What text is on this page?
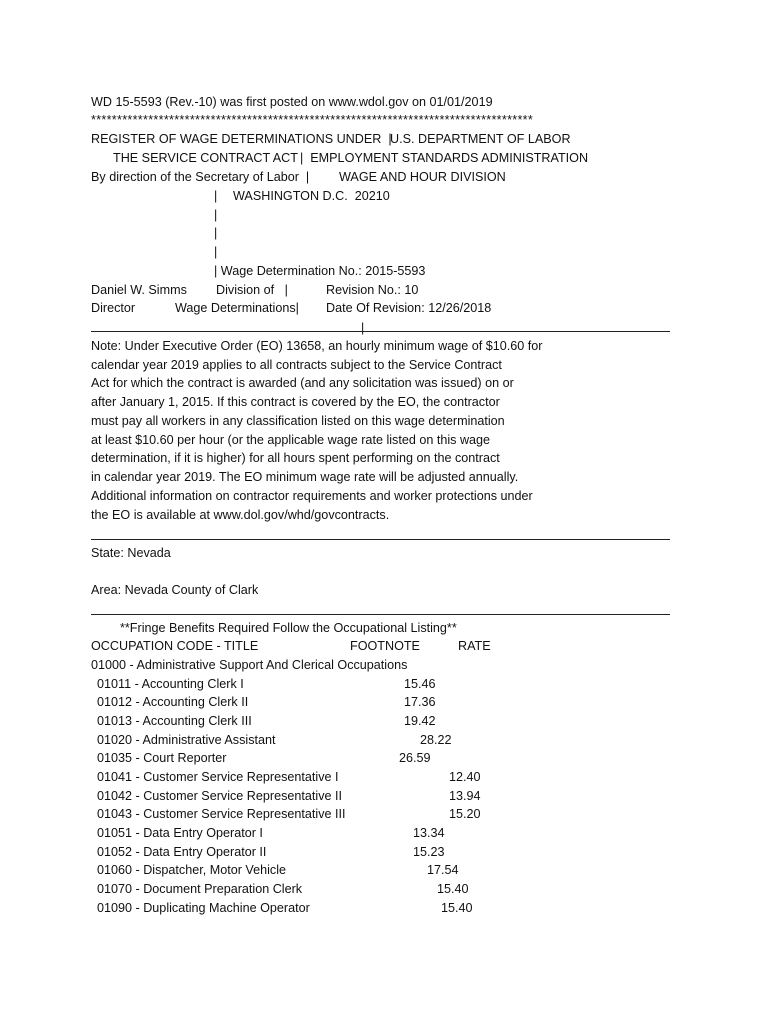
WD 15-5593 (Rev.-10) was first posted on www.wdol.gov on 01/01/2019
*************************************************************************************
REGISTER OF WAGE DETERMINATIONS UNDER  |
U.S. DEPARTMENT OF LABOR
THE SERVICE CONTRACT ACT |  EMPLOYMENT STANDARDS ADMINISTRATION
By direction of the Secretary of Labor  | WAGE AND HOUR DIVISION
| WASHINGTON D.C.  20210
|
|
|
| Wage Determination No.: 2015-5593
Daniel W. Simms Division of   |	Revision No.: 10
Director	Wage Determinations| Date Of Revision: 12/26/2018
|
Note: Under Executive Order (EO) 13658, an hourly minimum wage of $10.60 for
calendar year 2019 applies to all contracts subject to the Service Contract
Act for which the contract is awarded (and any solicitation was issued) on or
after January 1, 2015. If this contract is covered by the EO, the contractor
must pay all workers in any classification listed on this wage determination
at least $10.60 per hour (or the applicable wage rate listed on this wage
determination, if it is higher) for all hours spent performing on the contract
in calendar year 2019. The EO minimum wage rate will be adjusted annually.
Additional information on contractor requirements and worker protections under
the EO is available at www.dol.gov/whd/govcontracts.
State: Nevada
Area: Nevada County of Clark
**Fringe Benefits Required Follow the Occupational Listing**
OCCUPATION CODE - TITLE	FOOTNOTE	RATE
01000 - Administrative Support And Clerical Occupations
01011 - Accounting Clerk I	15.46
01012 - Accounting Clerk II	17.36
01013 - Accounting Clerk III	19.42
01020 - Administrative Assistant	28.22
01035 - Court Reporter	26.59
01041 - Customer Service Representative I	12.40
01042 - Customer Service Representative II	13.94
01043 - Customer Service Representative III	15.20
01051 - Data Entry Operator I	13.34
01052 - Data Entry Operator II	15.23
01060 - Dispatcher, Motor Vehicle	17.54
01070 - Document Preparation Clerk	15.40
01090 - Duplicating Machine Operator	15.40
